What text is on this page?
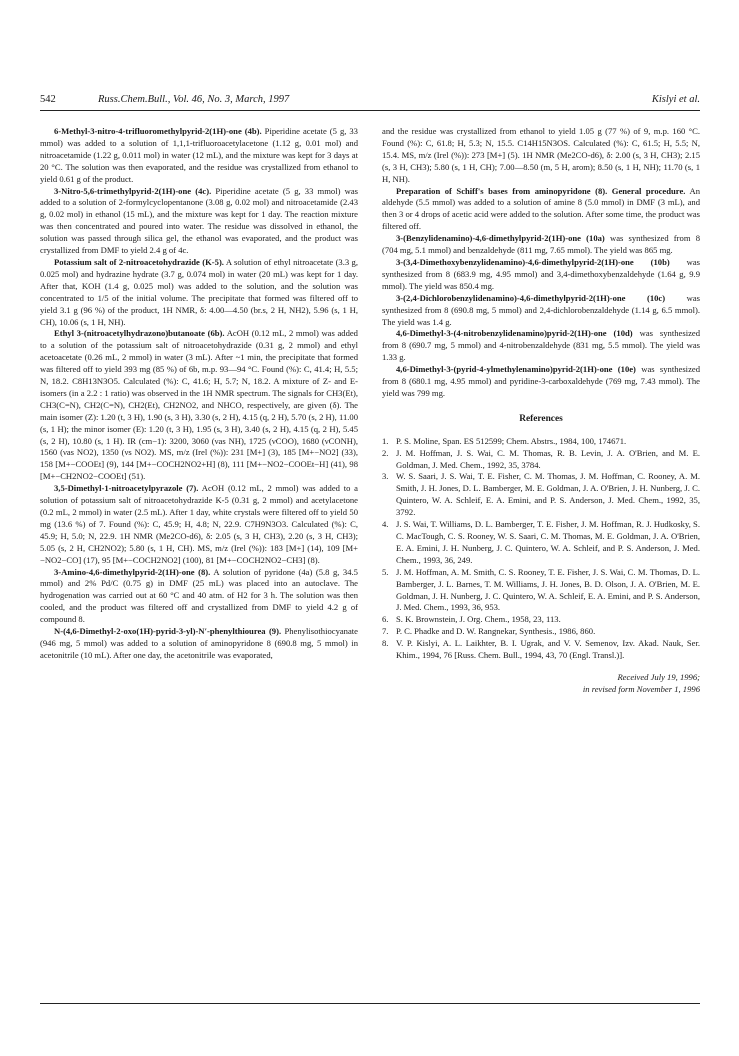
542	Russ.Chem.Bull., Vol. 46, No. 3, March, 1997	Kislyi et al.

6-Methyl-3-nitro-4-trifluoromethylpyrid-2(1H)-one (4b). Piperidine acetate (5 g, 33 mmol) was added to a solution of 1,1,1-trifluoroacetylacetone (1.12 g, 0.01 mol) and nitroacetamide (1.22 g, 0.011 mol) in water (12 mL), and the mixture was kept for 3 days at 20 °C. The solution was then evaporated, and the residue was crystallized from ethanol to yield 0.61 g of the product.

3-Nitro-5,6-trimethylpyrid-2(1H)-one (4c). Piperidine acetate (5 g, 33 mmol) was added to a solution of 2-formylcyclopentanone (3.08 g, 0.02 mol) and nitroacetamide (2.43 g, 0.02 mol) in ethanol (15 mL), and the mixture was kept for 1 day. The reaction mixture was then concentrated and poured into water. The residue was dissolved in ethanol, the solution was passed through silica gel, the ethanol was evaporated, and the product was crystallized from DMF to yield 2.4 g of 4c.

Potassium salt of 2-nitroacetohydrazide (K-5). A solution of ethyl nitroacetate (3.3 g, 0.025 mol) and hydrazine hydrate (3.7 g, 0.074 mol) in water (20 mL) was kept for 1 day. After that, KOH (1.4 g, 0.025 mol) was added to the solution, and the solution was concentrated to 1/5 of the initial volume. The precipitate that formed was filtered off to yield 3.1 g (96 %) of the product, 1H NMR, δ: 4.00—4.50 (br.s, 2 H, NH2), 5.96 (s, 1 H, CH), 10.06 (s, 1 H, NH).

Ethyl 3-(nitroacetylhydrazono)butanoate (6b). AcOH (0.12 mL, 2 mmol) was added to a solution of the potassium salt of nitroacetohydrazide (0.31 g, 2 mmol) and ethyl acetoacetate (0.26 mL, 2 mmol) in water (3 mL). After ~1 min, the precipitate that formed was filtered off to yield 393 mg (85 %) of 6b, m.p. 93—94 °C. Found (%): C, 41.4; H, 5.5; N, 18.2. C8H13N3O5. Calculated (%): C, 41.6; H, 5.7; N, 18.2. A mixture of Z- and E-isomers (in a 2.2 : 1 ratio) was observed in the 1H NMR spectrum. The signals for CH3(Et), CH3(C=N), CH2(C=N), CH2(Et), CH2NO2, and NHCO, respectively, are given (δ). The main isomer (Z): 1.20 (t, 3 H), 1.90 (s, 3 H), 3.30 (s, 2 H), 4.15 (q, 2 H), 5.70 (s, 2 H), 11.00 (s, 1 H); the minor isomer (E): 1.20 (t, 3 H), 1.95 (s, 3 H), 3.40 (s, 2 H), 4.15 (q, 2 H), 5.45 (s, 2 H), 10.80 (s, 1 H). IR (cm−1): 3200, 3060 (νas NH), 1725 (νCOO), 1680 (νCONH), 1560 (νas NO2), 1350 (νs NO2). MS, m/z (Irel (%)): 231 [M+] (3), 185 [M+−NO2] (33), 158 [M+−COOEt] (9), 144 [M+−COCH2NO2+H] (8), 111 [M+−NO2−COOEt−H] (41), 98 [M+−CH2NO2−COOEt] (51).

3,5-Dimethyl-1-nitroacetylpyrazole (7). AcOH (0.12 mL, 2 mmol) was added to a solution of potassium salt of nitroacetohydrazide K-5 (0.31 g, 2 mmol) and acetylacetone (0.2 mL, 2 mmol) in water (2.5 mL). After 1 day, white crystals were filtered off to yield 50 mg (13.6 %) of 7. Found (%): C, 45.9; H, 4.8; N, 22.9. C7H9N3O3. Calculated (%): C, 45.9; H, 5.0; N, 22.9. 1H NMR (Me2CO-d6), δ: 2.05 (s, 3 H, CH3), 2.20 (s, 3 H, CH3); 5.05 (s, 2 H, CH2NO2); 5.80 (s, 1 H, CH). MS, m/z (Irel (%)): 183 [M+] (14), 109 [M+−NO2−CO] (17), 95 [M+−COCH2NO2] (100), 81 [M+−COCH2NO2−CH3] (8).

3-Amino-4,6-dimethylpyrid-2(1H)-one (8). A solution of pyridone (4a) (5.8 g, 34.5 mmol) and 2% Pd/C (0.75 g) in DMF (25 mL) was placed into an autoclave. The hydrogenation was carried out at 60 °C and 40 atm. of H2 for 3 h. The solution was then cooled, and the product was filtered off and crystallized from DMF to yield 4.2 g of compound 8.

N-(4,6-Dimethyl-2-oxo(1H)-pyrid-3-yl)-N′-phenylthiourea (9). Phenylisothiocyanate (946 mg, 5 mmol) was added to a solution of aminopyridone 8 (690.8 mg, 5 mmol) in acetonitrile (10 mL). After one day, the acetonitrile was evaporated,

and the residue was crystallized from ethanol to yield 1.05 g (77 %) of 9, m.p. 160 °C. Found (%): C, 61.8; H, 5.3; N, 15.5. C14H15N3OS. Calculated (%): C, 61.5; H, 5.5; N, 15.4. MS, m/z (Irel (%)): 273 [M+] (5). 1H NMR (Me2CO-d6), δ: 2.00 (s, 3 H, CH3); 2.15 (s, 3 H, CH3); 5.80 (s, 1 H, CH); 7.00—8.50 (m, 5 H, arom); 8.50 (s, 1 H, NH); 11.70 (s, 1 H, NH).

Preparation of Schiff's bases from aminopyridone (8). General procedure. An aldehyde (5.5 mmol) was added to a solution of amine 8 (5.0 mmol) in DMF (3 mL), and then 3 or 4 drops of acetic acid were added to the solution. After some time, the product was filtered off.

3-(Benzylidenamino)-4,6-dimethylpyrid-2(1H)-one (10a) was synthesized from 8 (704 mg, 5.1 mmol) and benzaldehyde (811 mg, 7.65 mmol). The yield was 865 mg.

3-(3,4-Dimethoxybenzylidenamino)-4,6-dimethylpyrid-2(1H)-one (10b) was synthesized from 8 (683.9 mg, 4.95 mmol) and 3,4-dimethoxybenzaldehyde (1.64 g, 9.9 mmol). The yield was 850.4 mg.

3-(2,4-Dichlorobenzylidenamino)-4,6-dimethylpyrid-2(1H)-one (10c)	was synthesized from 8 (690.8 mg, 5 mmol) and 2,4-dichlorobenzaldehyde (1.14 g, 6.5 mmol). The yield was 1.4 g.

4,6-Dimethyl-3-(4-nitrobenzylidenamino)pyrid-2(1H)-one (10d) was synthesized from 8 (690.7 mg, 5 mmol) and 4-nitrobenzaldehyde (831 mg, 5.5 mmol). The yield was 1.33 g.

4,6-Dimethyl-3-(pyrid-4-ylmethylenamino)pyrid-2(1H)-one (10e) was synthesized from 8 (680.1 mg, 4.95 mmol) and pyridine-3-carboxaldehyde (769 mg, 7.43 mmol). The yield was 799 mg.

References
1. P. S. Moline, Span. ES 512599; Chem. Abstrs., 1984, 100, 174671.
2. J. M. Hoffman, J. S. Wai, C. M. Thomas, R. B. Levin, J. A. O'Brien, and M. E. Goldman, J. Med. Chem., 1992, 35, 3784.
3. W. S. Saari, J. S. Wai, T. E. Fisher, C. M. Thomas, J. M. Hoffman, C. Rooney, A. M. Smith, J. H. Jones, D. L. Bamberger, M. E. Goldman, J. A. O'Brien, J. H. Nunberg, J. C. Quintero, W. A. Schleif, E. A. Emini, and P. S. Anderson, J. Med. Chem., 1992, 35, 3792.
4. J. S. Wai, T. Williams, D. L. Bamberger, T. E. Fisher, J. M. Hoffman, R. J. Hudkosky, S. C. MacTough, C. S. Rooney, W. S. Saari, C. M. Thomas, M. E. Goldman, J. A. O'Brien, E. A. Emini, J. H. Nunberg, J. C. Quintero, W. A. Schleif, and P. S. Anderson, J. Med. Chem., 1993, 36, 249.
5. J. M. Hoffman, A. M. Smith, C. S. Rooney, T. E. Fisher, J. S. Wai, C. M. Thomas, D. L. Bamberger, J. L. Barnes, T. M. Williams, J. H. Jones, B. D. Olson, J. A. O'Brien, M. E. Goldman, J. H. Nunberg, J. C. Quintero, W. A. Schleif, E. A. Emini, and P. S. Anderson, J. Med. Chem., 1993, 36, 953.
6. S. K. Brownstein, J. Org. Chem., 1958, 23, 113.
7. P. C. Phadke and D. W. Rangnekar, Synthesis., 1986, 860.
8. V. P. Kislyi, A. L. Laikhter, B. I. Ugrak, and V. V. Semenov, Izv. Akad. Nauk, Ser. Khim., 1994, 76 [Russ. Chem. Bull., 1994, 43, 70 (Engl. Transl.)].
Received July 19, 1996;
in revised form November 1, 1996
